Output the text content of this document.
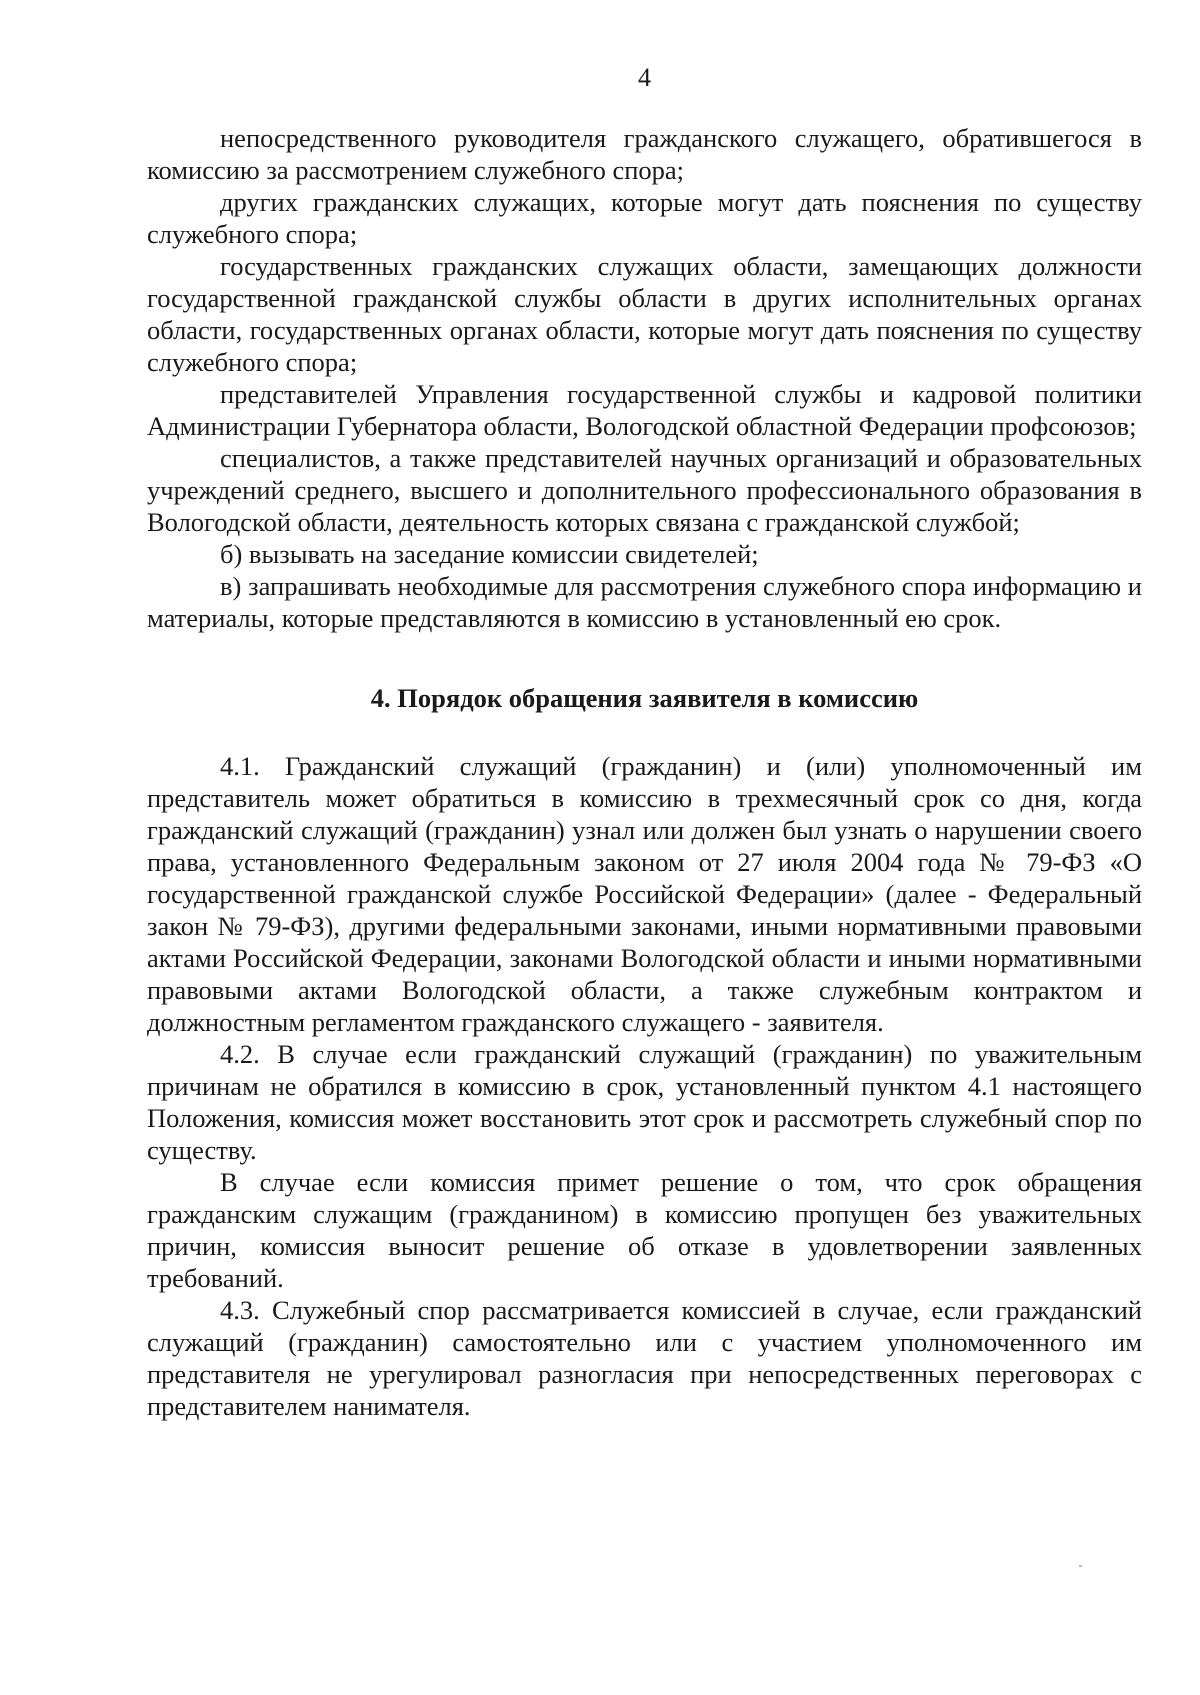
4

непосредственного руководителя гражданского служащего, обратившегося в комиссию за рассмотрением служебного спора;

других гражданских служащих, которые могут дать пояснения по существу служебного спора;

государственных гражданских служащих области, замещающих должности государственной гражданской службы области в других исполнительных органах области, государственных органах области, которые могут дать пояснения по существу служебного спора;

представителей Управления государственной службы и кадровой политики Администрации Губернатора области, Вологодской областной Федерации профсоюзов;

специалистов, а также представителей научных организаций и образовательных учреждений среднего, высшего и дополнительного профессионального образования в Вологодской области, деятельность которых связана с гражданской службой;

б) вызывать на заседание комиссии свидетелей;

в) запрашивать необходимые для рассмотрения служебного спора информацию и материалы, которые представляются в комиссию в установленный ею срок.

4. Порядок обращения заявителя в комиссию

4.1. Гражданский служащий (гражданин) и (или) уполномоченный им представитель может обратиться в комиссию в трехмесячный срок со дня, когда гражданский служащий (гражданин) узнал или должен был узнать о нарушении своего права, установленного Федеральным законом от 27 июля 2004 года № 79-ФЗ «О государственной гражданской службе Российской Федерации» (далее - Федеральный закон № 79-ФЗ), другими федеральными законами, иными нормативными правовыми актами Российской Федерации, законами Вологодской области и иными нормативными правовыми актами Вологодской области, а также служебным контрактом и должностным регламентом гражданского служащего - заявителя.

4.2. В случае если гражданский служащий (гражданин) по уважительным причинам не обратился в комиссию в срок, установленный пунктом 4.1 настоящего Положения, комиссия может восстановить этот срок и рассмотреть служебный спор по существу.

В случае если комиссия примет решение о том, что срок обращения гражданским служащим (гражданином) в комиссию пропущен без уважительных причин, комиссия выносит решение об отказе в удовлетворении заявленных требований.

4.3. Служебный спор рассматривается комиссией в случае, если гражданский служащий (гражданин) самостоятельно или с участием уполномоченного им представителя не урегулировал разногласия при непосредственных переговорах с представителем нанимателя.
